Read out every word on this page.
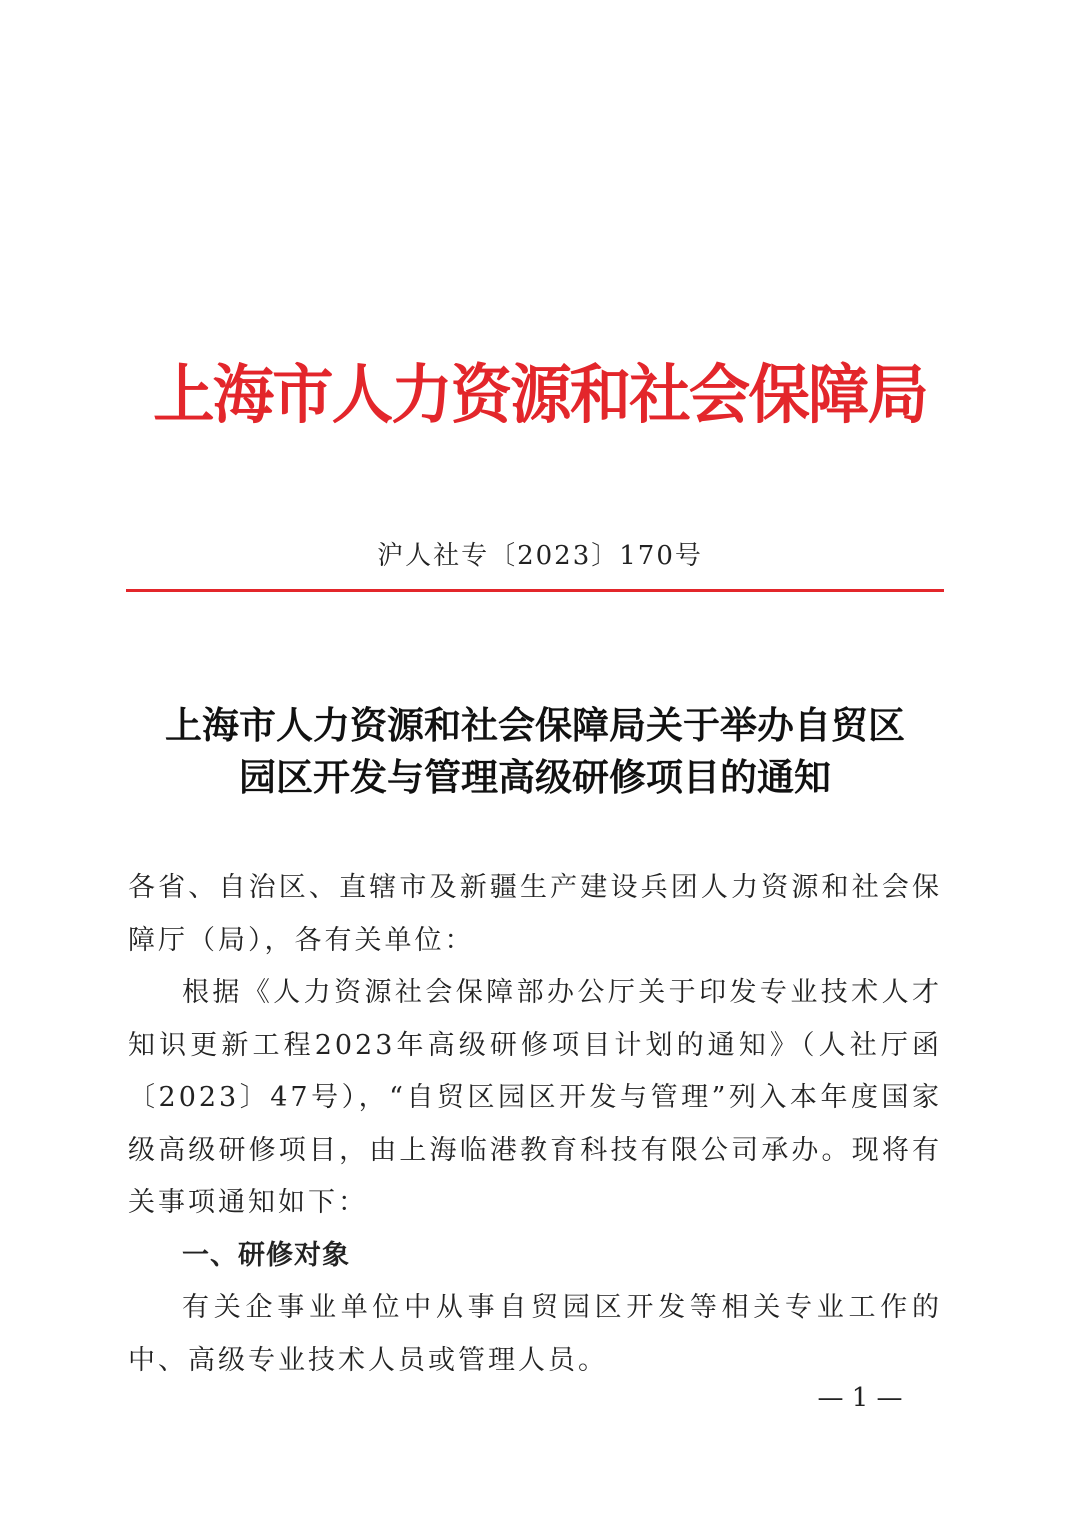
上海市人力资源和社会保障局
沪人社专〔2023〕170号
上海市人力资源和社会保障局关于举办自贸区
园区开发与管理高级研修项目的通知

各省、自治区、直辖市及新疆生产建设兵团人力资源和社会保障厅（局），各有关单位：

根据《人力资源社会保障部办公厅关于印发专业技术人才知识更新工程2023年高级研修项目计划的通知》（人社厅函〔2023〕47号），“自贸区园区开发与管理”列入本年度国家级高级研修项目，由上海临港教育科技有限公司承办。现将有关事项通知如下：

一、研修对象

有关企事业单位中从事自贸园区开发等相关专业工作的中、高级专业技术人员或管理人员。

— 1 —
